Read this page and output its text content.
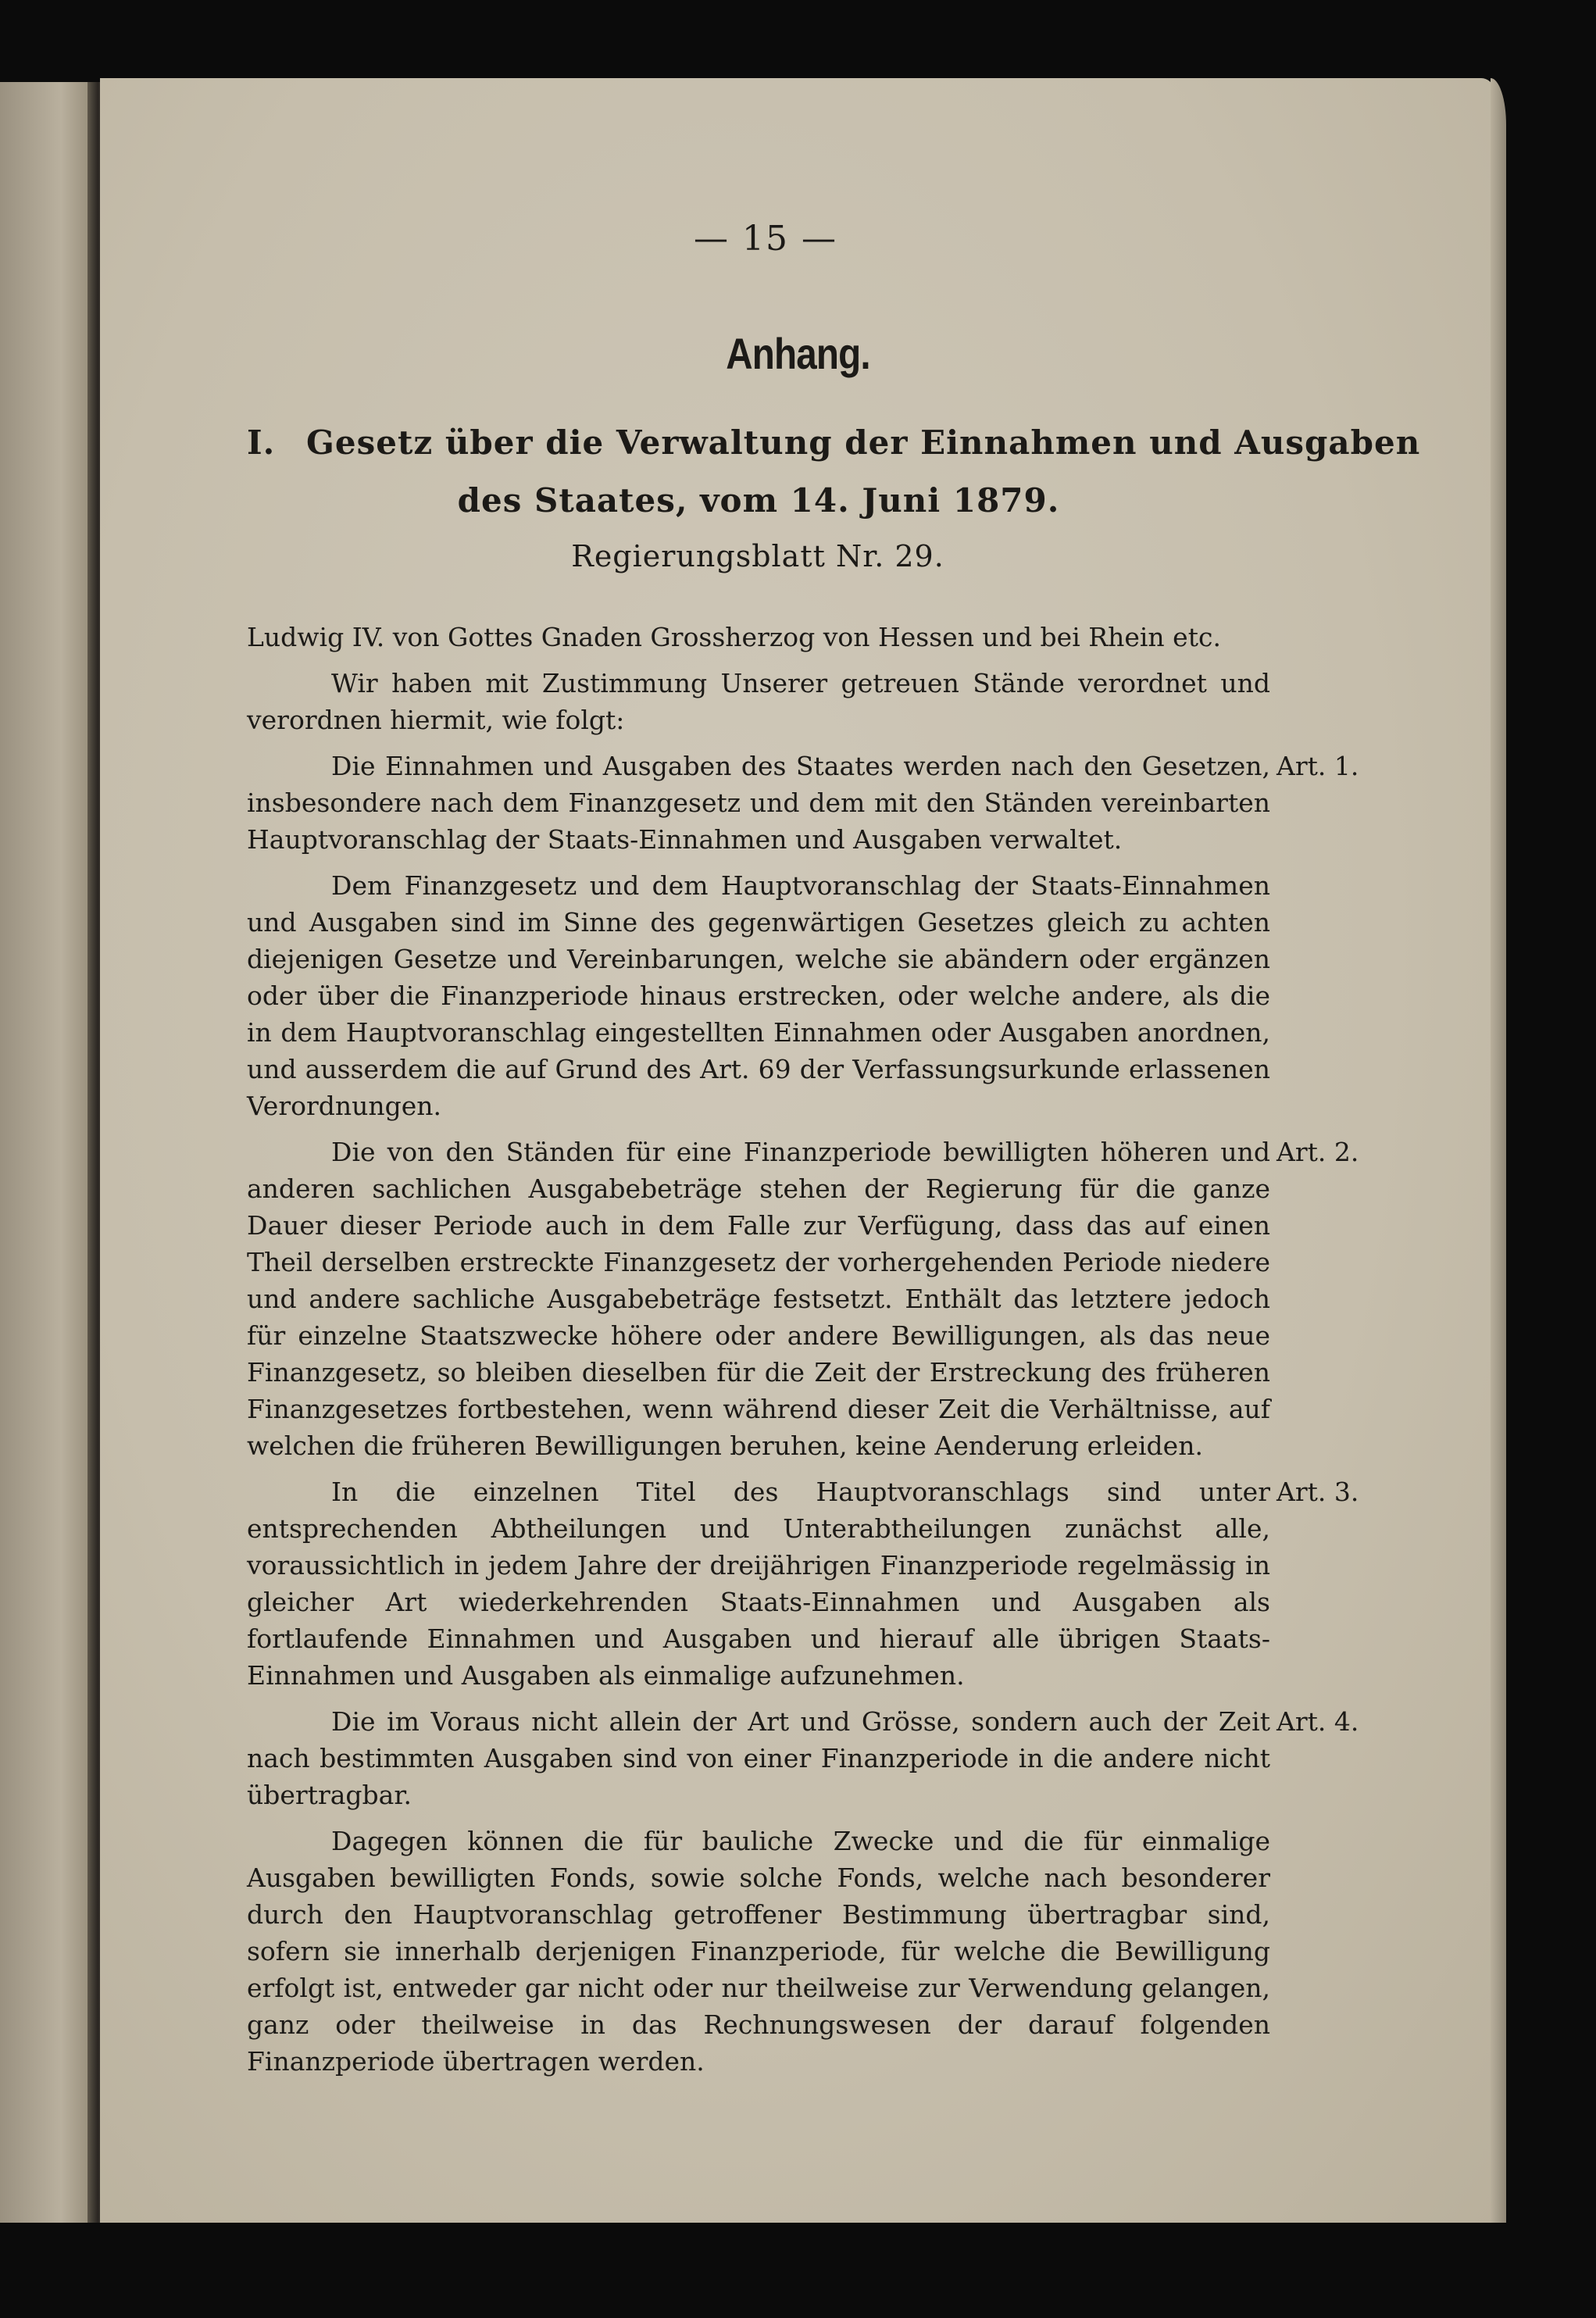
— 15 —
Anhang.
I. Gesetz über die Verwaltung der Einnahmen und Ausgaben
des Staates, vom 14. Juni 1879.
Regierungsblatt Nr. 29.

Ludwig IV. von Gottes Gnaden Grossherzog von Hessen und bei Rhein etc.

Wir haben mit Zustimmung Unserer getreuen Stände verordnet und verordnen hiermit, wie folgt:

Art. 1.
Die Einnahmen und Ausgaben des Staates werden nach den Gesetzen, insbesondere nach dem Finanzgesetz und dem mit den Ständen vereinbarten Hauptvoranschlag der Staats-Einnahmen und Ausgaben verwaltet.

Dem Finanzgesetz und dem Hauptvoranschlag der Staats-Einnahmen und Ausgaben sind im Sinne des gegenwärtigen Gesetzes gleich zu achten diejenigen Gesetze und Vereinbarungen, welche sie abändern oder ergänzen oder über die Finanzperiode hinaus erstrecken, oder welche andere, als die in dem Hauptvoranschlag eingestellten Einnahmen oder Ausgaben anordnen, und ausserdem die auf Grund des Art. 69 der Verfassungsurkunde erlassenen Verordnungen.

Art. 2.
Die von den Ständen für eine Finanzperiode bewilligten höheren und anderen sachlichen Ausgabebeträge stehen der Regierung für die ganze Dauer dieser Periode auch in dem Falle zur Verfügung, dass das auf einen Theil derselben erstreckte Finanzgesetz der vorhergehenden Periode niedere und andere sachliche Ausgabebeträge festsetzt. Enthält das letztere jedoch für einzelne Staatszwecke höhere oder andere Bewilligungen, als das neue Finanzgesetz, so bleiben dieselben für die Zeit der Erstreckung des früheren Finanzgesetzes fortbestehen, wenn während dieser Zeit die Verhältnisse, auf welchen die früheren Bewilligungen beruhen, keine Aenderung erleiden.

Art. 3.
In die einzelnen Titel des Hauptvoranschlags sind unter entsprechenden Abtheilungen und Unterabtheilungen zunächst alle, voraussichtlich in jedem Jahre der dreijährigen Finanzperiode regelmässig in gleicher Art wiederkehrenden Staats-Einnahmen und Ausgaben als fortlaufende Einnahmen und Ausgaben und hierauf alle übrigen Staats-Einnahmen und Ausgaben als einmalige aufzunehmen.

Art. 4.
Die im Voraus nicht allein der Art und Grösse, sondern auch der Zeit nach bestimmten Ausgaben sind von einer Finanzperiode in die andere nicht übertragbar.

Dagegen können die für bauliche Zwecke und die für einmalige Ausgaben bewilligten Fonds, sowie solche Fonds, welche nach besonderer durch den Hauptvoranschlag getroffener Bestimmung übertragbar sind, sofern sie innerhalb derjenigen Finanzperiode, für welche die Bewilligung erfolgt ist, entweder gar nicht oder nur theilweise zur Verwendung gelangen, ganz oder theilweise in das Rechnungswesen der darauf folgenden Finanzperiode übertragen werden.
